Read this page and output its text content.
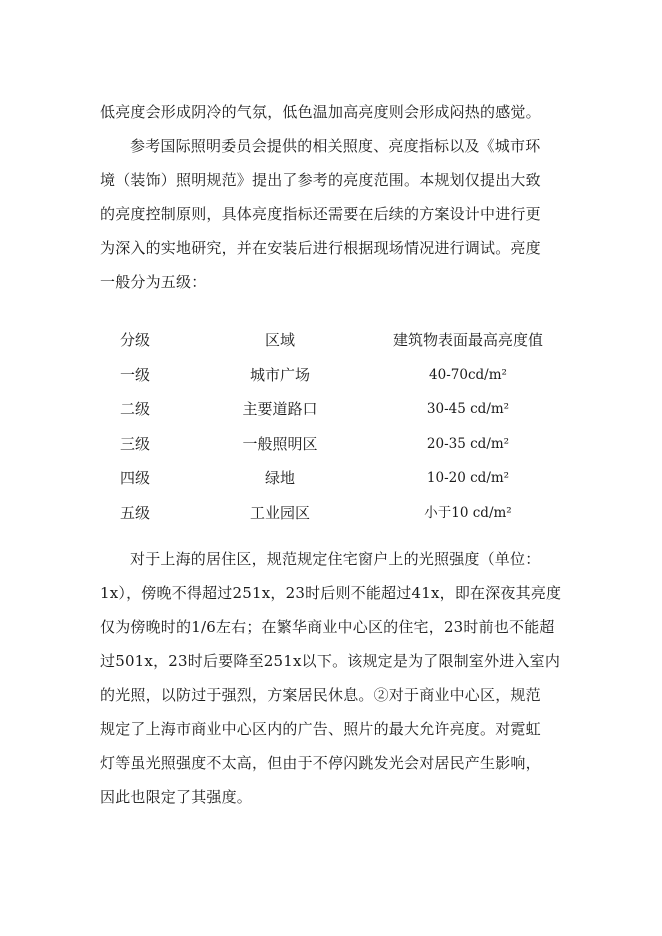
低亮度会形成阴冷的气氛，低色温加高亮度则会形成闷热的感觉。

参考国际照明委员会提供的相关照度、亮度指标以及《城市环
境（装饰）照明规范》提出了参考的亮度范围。本规划仅提出大致
的亮度控制原则，具体亮度指标还需要在后续的方案设计中进行更
为深入的实地研究，并在安装后进行根据现场情况进行调试。亮度
一般分为五级：

分级	区域	建筑物表面最高亮度值
一级	城市广场	40-70cd/m²
二级	主要道路口	30-45 cd/m²
三级	一般照明区	20-35 cd/m²
四级	绿地	10-20 cd/m²
五级	工业园区	小于10 cd/m²

对于上海的居住区，规范规定住宅窗户上的光照强度（单位：
1x），傍晚不得超过251x，23时后则不能超过41x，即在深夜其亮度
仅为傍晚时的1/6左右；在繁华商业中心区的住宅，23时前也不能超
过501x，23时后要降至251x以下。该规定是为了限制室外进入室内
的光照，以防过于强烈，方案居民休息。②对于商业中心区，规范
规定了上海市商业中心区内的广告、照片的最大允许亮度。对霓虹
灯等虽光照强度不太高，但由于不停闪跳发光会对居民产生影响，
因此也限定了其强度。
